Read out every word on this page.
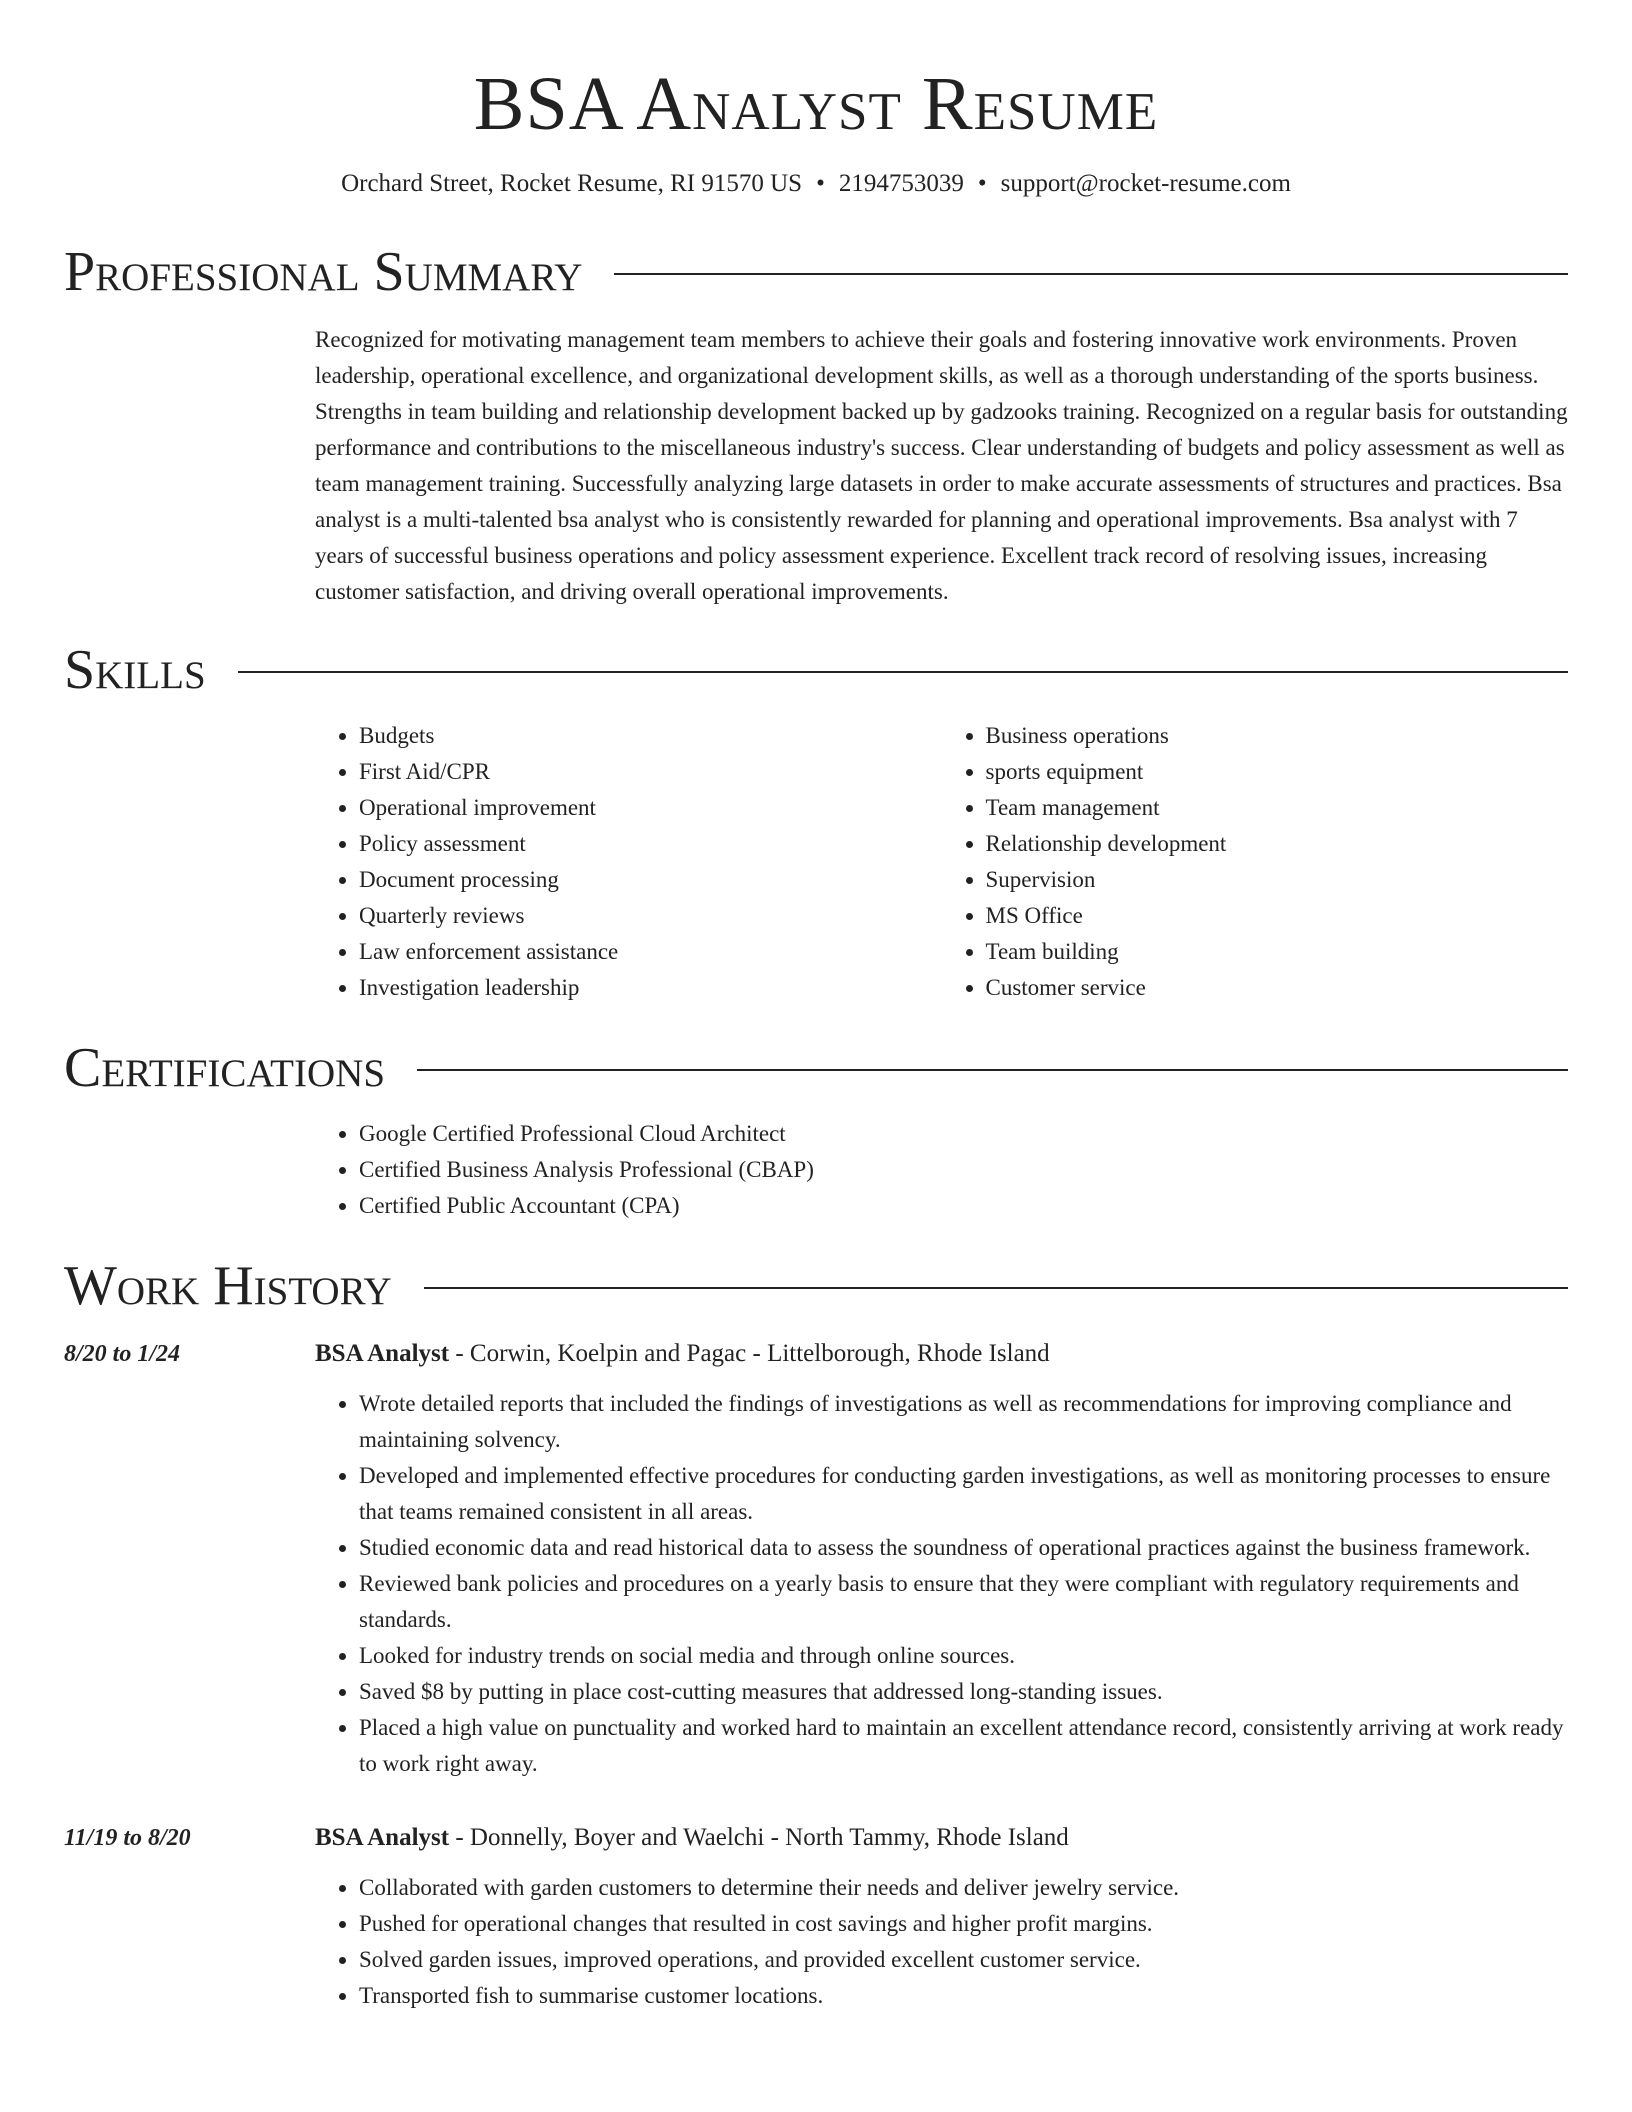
BSA Analyst Resume
Orchard Street, Rocket Resume, RI 91570 US • 2194753039 • support@rocket-resume.com
Professional Summary
Recognized for motivating management team members to achieve their goals and fostering innovative work environments. Proven leadership, operational excellence, and organizational development skills, as well as a thorough understanding of the sports business. Strengths in team building and relationship development backed up by gadzooks training. Recognized on a regular basis for outstanding performance and contributions to the miscellaneous industry's success. Clear understanding of budgets and policy assessment as well as team management training. Successfully analyzing large datasets in order to make accurate assessments of structures and practices. Bsa analyst is a multi-talented bsa analyst who is consistently rewarded for planning and operational improvements. Bsa analyst with 7 years of successful business operations and policy assessment experience. Excellent track record of resolving issues, increasing customer satisfaction, and driving overall operational improvements.
Skills
• Budgets
• First Aid/CPR
• Operational improvement
• Policy assessment
• Document processing
• Quarterly reviews
• Law enforcement assistance
• Investigation leadership
• Business operations
• sports equipment
• Team management
• Relationship development
• Supervision
• MS Office
• Team building
• Customer service
Certifications
• Google Certified Professional Cloud Architect
• Certified Business Analysis Professional (CBAP)
• Certified Public Accountant (CPA)
Work History
8/20 to 1/24	BSA Analyst - Corwin, Koelpin and Pagac - Littelborough, Rhode Island
• Wrote detailed reports that included the findings of investigations as well as recommendations for improving compliance and maintaining solvency.
• Developed and implemented effective procedures for conducting garden investigations, as well as monitoring processes to ensure that teams remained consistent in all areas.
• Studied economic data and read historical data to assess the soundness of operational practices against the business framework.
• Reviewed bank policies and procedures on a yearly basis to ensure that they were compliant with regulatory requirements and standards.
• Looked for industry trends on social media and through online sources.
• Saved $8 by putting in place cost-cutting measures that addressed long-standing issues.
• Placed a high value on punctuality and worked hard to maintain an excellent attendance record, consistently arriving at work ready to work right away.
11/19 to 8/20	BSA Analyst - Donnelly, Boyer and Waelchi - North Tammy, Rhode Island
• Collaborated with garden customers to determine their needs and deliver jewelry service.
• Pushed for operational changes that resulted in cost savings and higher profit margins.
• Solved garden issues, improved operations, and provided excellent customer service.
• Transported fish to summarise customer locations.
